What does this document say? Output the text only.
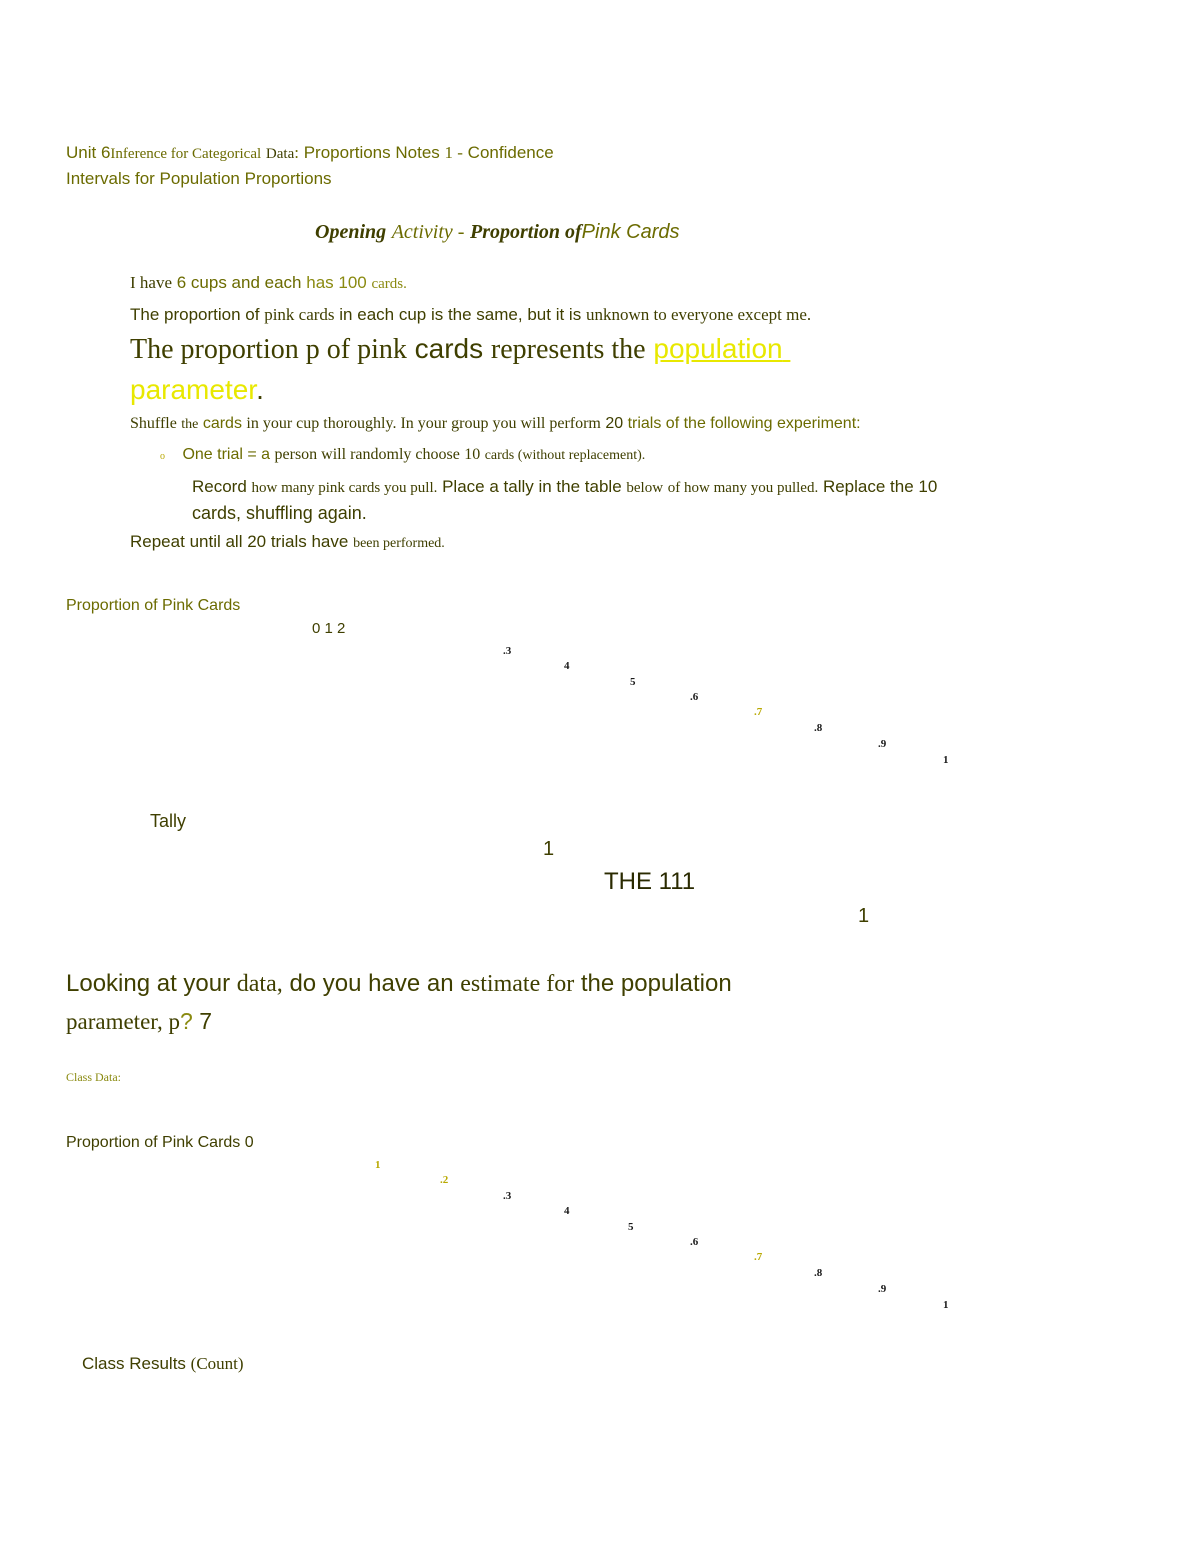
Unit 6Inference for Categorical Data: Proportions Notes 1 - Confidence
Intervals for Population Proportions
Opening Activity - Proportion ofPink Cards
I have 6 cups and each has 100 cards.
The proportion of pink cards in each cup is the same, but it is unknown to everyone except me.
The proportion p of pink cards represents the population
parameter.
Shuffle the cards in your cup thoroughly. In your group you will perform 20 trials of the following experiment:
o One trial = a person will randomly choose 10 cards (without replacement).
Record how many pink cards you pull. Place a tally in the table below of how many you pulled. Replace the 10
cards, shuffling again.
Repeat until all 20 trials have been performed.
Proportion of Pink Cards
0 1 2
.3
4
5
.6
.7
.8
.9
1
Tally
1
THE 111
1
Looking at your data, do you have an estimate for the population
parameter, p? 7
Class Data:
Proportion of Pink Cards 0
1
.2
.3
4
5
.6
.7
.8
.9
1
Class Results (Count)
